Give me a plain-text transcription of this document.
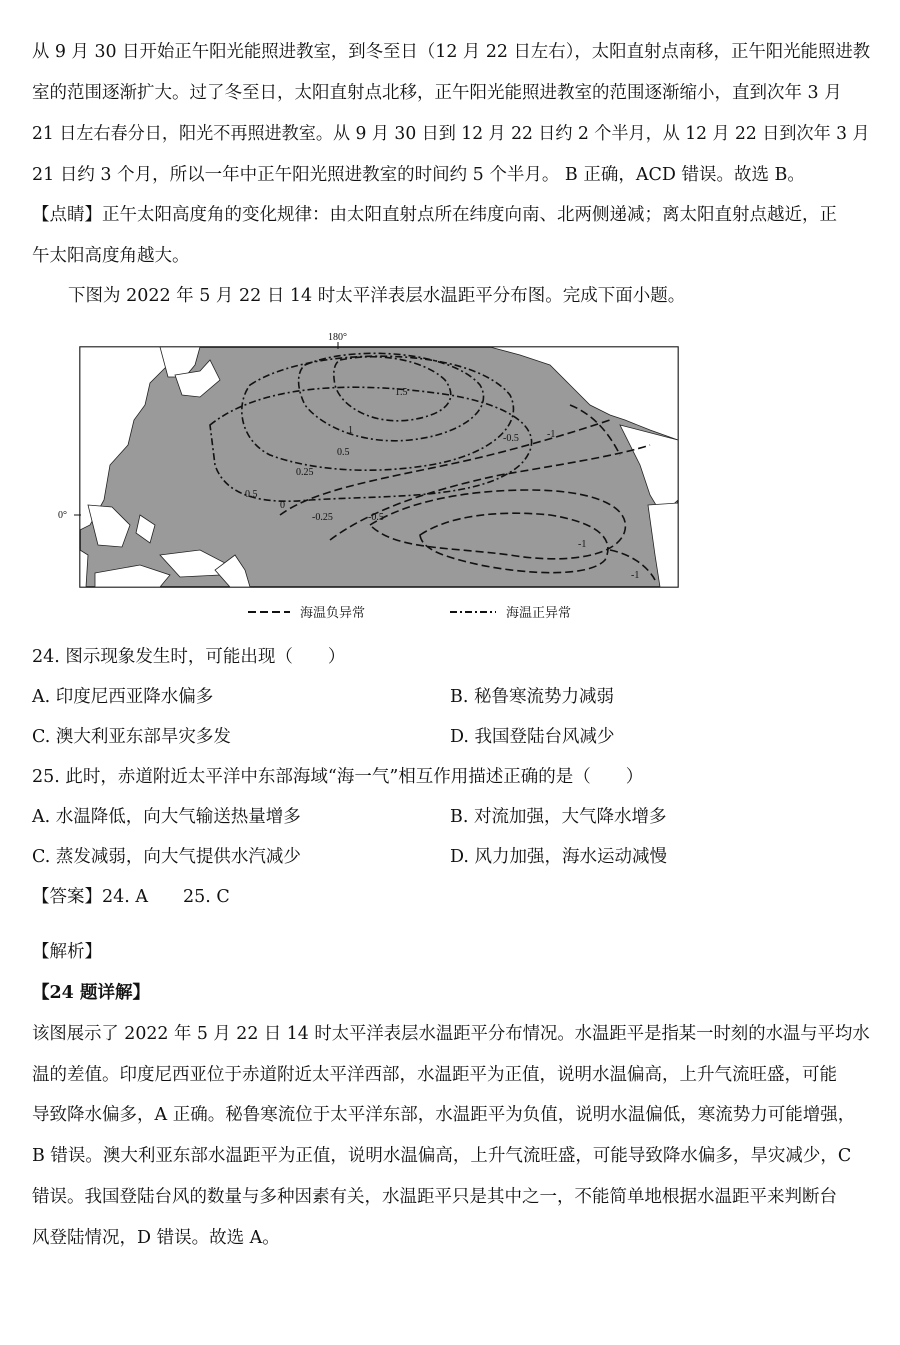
从 9 月 30 日开始正午阳光能照进教室，到冬至日（12 月 22 日左右），太阳直射点南移，正午阳光能照进教
室的范围逐渐扩大。过了冬至日，太阳直射点北移，正午阳光能照进教室的范围逐渐缩小，直到次年 3 月
21 日左右春分日，阳光不再照进教室。从 9 月 30 日到 12 月 22 日约 2 个半月，从 12 月 22 日到次年 3 月
21 日约 3 个月，所以一年中正午阳光照进教室的时间约 5 个半月。 B 正确，ACD 错误。故选 B。
【点睛】正午太阳高度角的变化规律：由太阳直射点所在纬度向南、北两侧递减；离太阳直射点越近，正
午太阳高度角越大。
下图为 2022 年 5 月 22 日 14 时太平洋表层水温距平分布图。完成下面小题。
180°
0°
1.5
1
0.5
0.25
0.5
0
-0.25	-0.5
-0.5	-1
-1
-1
海温负异常	海温正异常
24. 图示现象发生时，可能出现（　　）
A. 印度尼西亚降水偏多	B. 秘鲁寒流势力减弱
C. 澳大利亚东部旱灾多发	D. 我国登陆台风减少
25. 此时，赤道附近太平洋中东部海域“海一气”相互作用描述正确的是（　　）
A. 水温降低，向大气输送热量增多	B. 对流加强，大气降水增多
C. 蒸发减弱，向大气提供水汽减少	D. 风力加强，海水运动减慢
【答案】24. A　　25. C
【解析】
【24 题详解】
该图展示了 2022 年 5 月 22 日 14 时太平洋表层水温距平分布情况。水温距平是指某一时刻的水温与平均水
温的差值。印度尼西亚位于赤道附近太平洋西部，水温距平为正值，说明水温偏高，上升气流旺盛，可能
导致降水偏多，A 正确。秘鲁寒流位于太平洋东部，水温距平为负值，说明水温偏低，寒流势力可能增强，
B 错误。澳大利亚东部水温距平为正值，说明水温偏高，上升气流旺盛，可能导致降水偏多，旱灾减少，C
错误。我国登陆台风的数量与多种因素有关，水温距平只是其中之一，不能简单地根据水温距平来判断台
风登陆情况，D 错误。故选 A。
